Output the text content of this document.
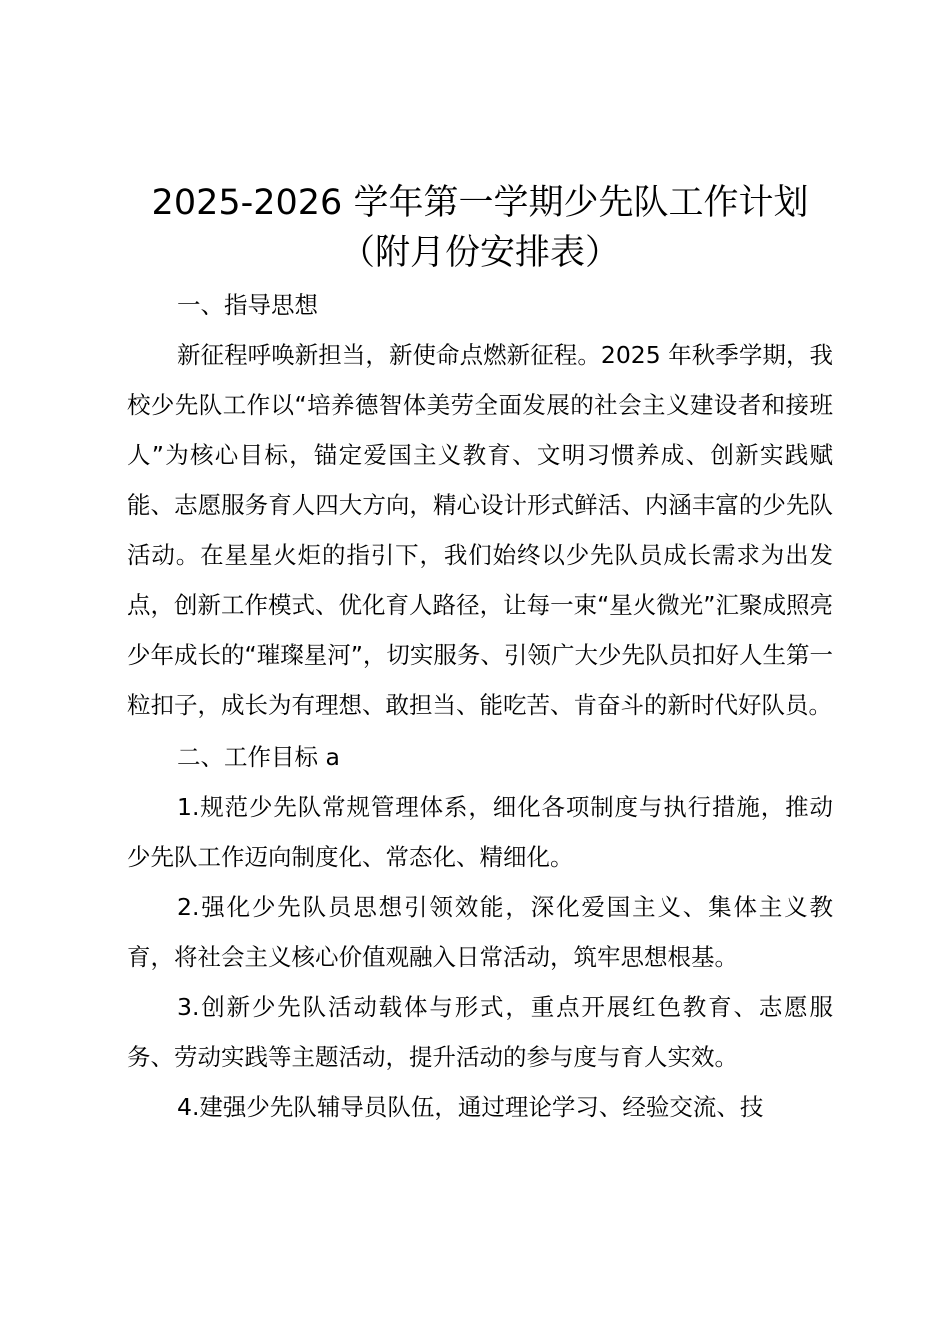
2025-2026 学年第一学期少先队工作计划
（附月份安排表）
一、指导思想

新征程呼唤新担当，新使命点燃新征程。2025 年秋季学期，我校少先队工作以“培养德智体美劳全面发展的社会主义建设者和接班人”为核心目标，锚定爱国主义教育、文明习惯养成、创新实践赋能、志愿服务育人四大方向，精心设计形式鲜活、内涵丰富的少先队活动。在星星火炬的指引下，我们始终以少先队员成长需求为出发点，创新工作模式、优化育人路径，让每一束“星火微光”汇聚成照亮少年成长的“璀璨星河”，切实服务、引领广大少先队员扣好人生第一粒扣子，成长为有理想、敢担当、能吃苦、肯奋斗的新时代好队员。

二、工作目标 a

1.规范少先队常规管理体系，细化各项制度与执行措施，推动少先队工作迈向制度化、常态化、精细化。

2.强化少先队员思想引领效能，深化爱国主义、集体主义教育，将社会主义核心价值观融入日常活动，筑牢思想根基。

3.创新少先队活动载体与形式，重点开展红色教育、志愿服务、劳动实践等主题活动，提升活动的参与度与育人实效。

4.建强少先队辅导员队伍，通过理论学习、经验交流、技
